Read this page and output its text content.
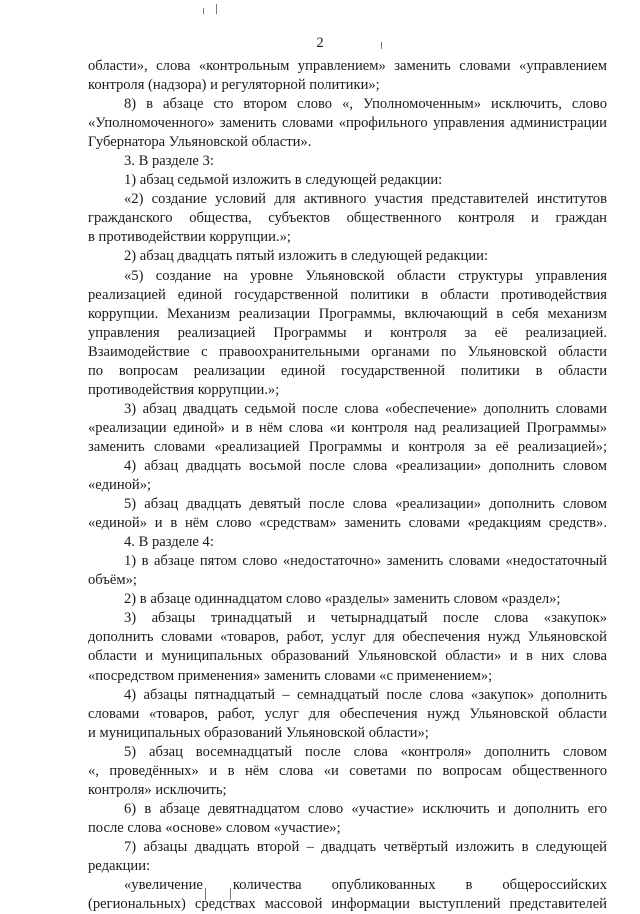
2
области», слова «контрольным управлением» заменить словами «управлением
контроля (надзора) и регуляторной политики»;
8) в абзаце сто втором слово «, Уполномоченным» исключить, слово
«Уполномоченного» заменить словами «профильного управления администрации
Губернатора Ульяновской области».
3. В разделе 3:
1) абзац седьмой изложить в следующей редакции:
«2) создание условий для активного участия представителей институтов
гражданского общества, субъектов общественного контроля и граждан
в противодействии коррупции.»;
2) абзац двадцать пятый изложить в следующей редакции:
«5) создание на уровне Ульяновской области структуры управления
реализацией единой государственной политики в области противодействия
коррупции. Механизм реализации Программы, включающий в себя механизм
управления реализацией Программы и контроля за её реализацией.
Взаимодействие с правоохранительными органами по Ульяновской области
по вопросам реализации единой государственной политики в области
противодействия коррупции.»;
3) абзац двадцать седьмой после слова «обеспечение» дополнить словами
«реализации единой» и в нём слова «и контроля над реализацией Программы»
заменить словами «реализацией Программы и контроля за её реализацией»;
4) абзац двадцать восьмой после слова «реализации» дополнить словом
«единой»;
5) абзац двадцать девятый после слова «реализации» дополнить словом
«единой» и в нём слово «средствам» заменить словами «редакциям средств».
4. В разделе 4:
1) в абзаце пятом слово «недостаточно» заменить словами «недостаточный
объём»;
2) в абзаце одиннадцатом слово «разделы» заменить словом «раздел»;
3) абзацы тринадцатый и четырнадцатый после слова «закупок»
дополнить словами «товаров, работ, услуг для обеспечения нужд Ульяновской
области и муниципальных образований Ульяновской области» и в них слова
«посредством применения» заменить словами «с применением»;
4) абзацы пятнадцатый – семнадцатый после слова «закупок» дополнить
словами «товаров, работ, услуг для обеспечения нужд Ульяновской области
и муниципальных образований Ульяновской области»;
5) абзац восемнадцатый после слова «контроля» дополнить словом
«, проведённых» и в нём слова «и советами по вопросам общественного
контроля» исключить;
6) в абзаце девятнадцатом слово «участие» исключить и дополнить его
после слова «основе» словом «участие»;
7) абзацы двадцать второй – двадцать четвёртый изложить в следующей
редакции:
«увеличение количества опубликованных в общероссийских
(региональных) средствах массовой информации выступлений представителей
